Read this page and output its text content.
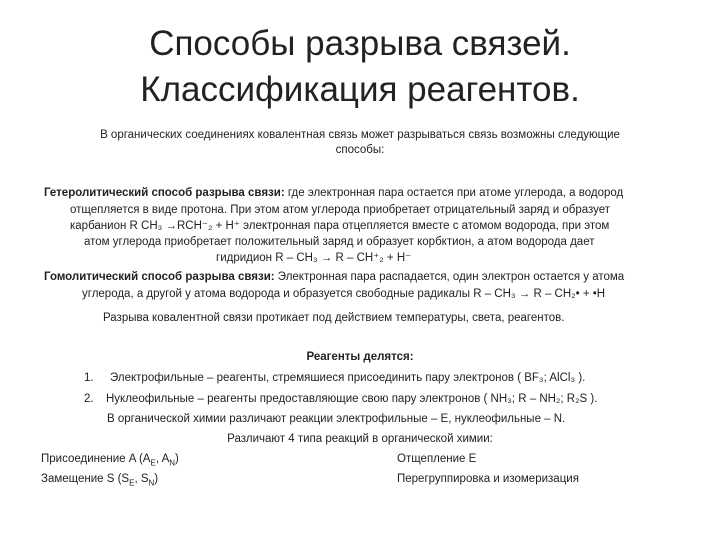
Способы разрыва связей.
Классификация реагентов.
В органических соединениях ковалентная связь может разрываться связь возможны следующие
способы:
Гетеролитический способ разрыва связи: где электронная пара остается при атоме углерода, а водород
отщепляется в виде протона. При этом атом углерода приобретает отрицательный заряд и образует
карбанион R CH₃ →RCH⁻₂ + H⁺ электронная пара отцепляется вместе с атомом водорода, при этом
атом углерода приобретает положительный заряд и образует корбктион, а атом водорода дает
гидридион R – CH₃ → R – CH⁺₂ + H⁻
Гомолитический способ разрыва связи: Электронная пара распадается, один электрон остается у атома
углерода, а другой у атома водорода и образуется свободные радикалы R – CH₃ → R – CH₂• + •H
Разрыва ковалентной связи протикает под действием температуры, света, реагентов.
Реагенты делятся:
1. Электрофильные – реагенты, стремяшиеся присоединить пару электронов ( BF₃; AlCl₃ ).
2. Нуклеофильные – реагенты предоставляющие свою пару электронов ( NH₃; R – NH₂; R₂S ).
В органической химии различают реакции электрофильные – E, нуклеофильные – N.
Различают 4 типа реакций в органической химии:
Присоединение A ($A_E$, $A_N$)	Отщепление Е
Замещение S ($S_E$, $S_N$)	Перегруппировка и изомеризация
